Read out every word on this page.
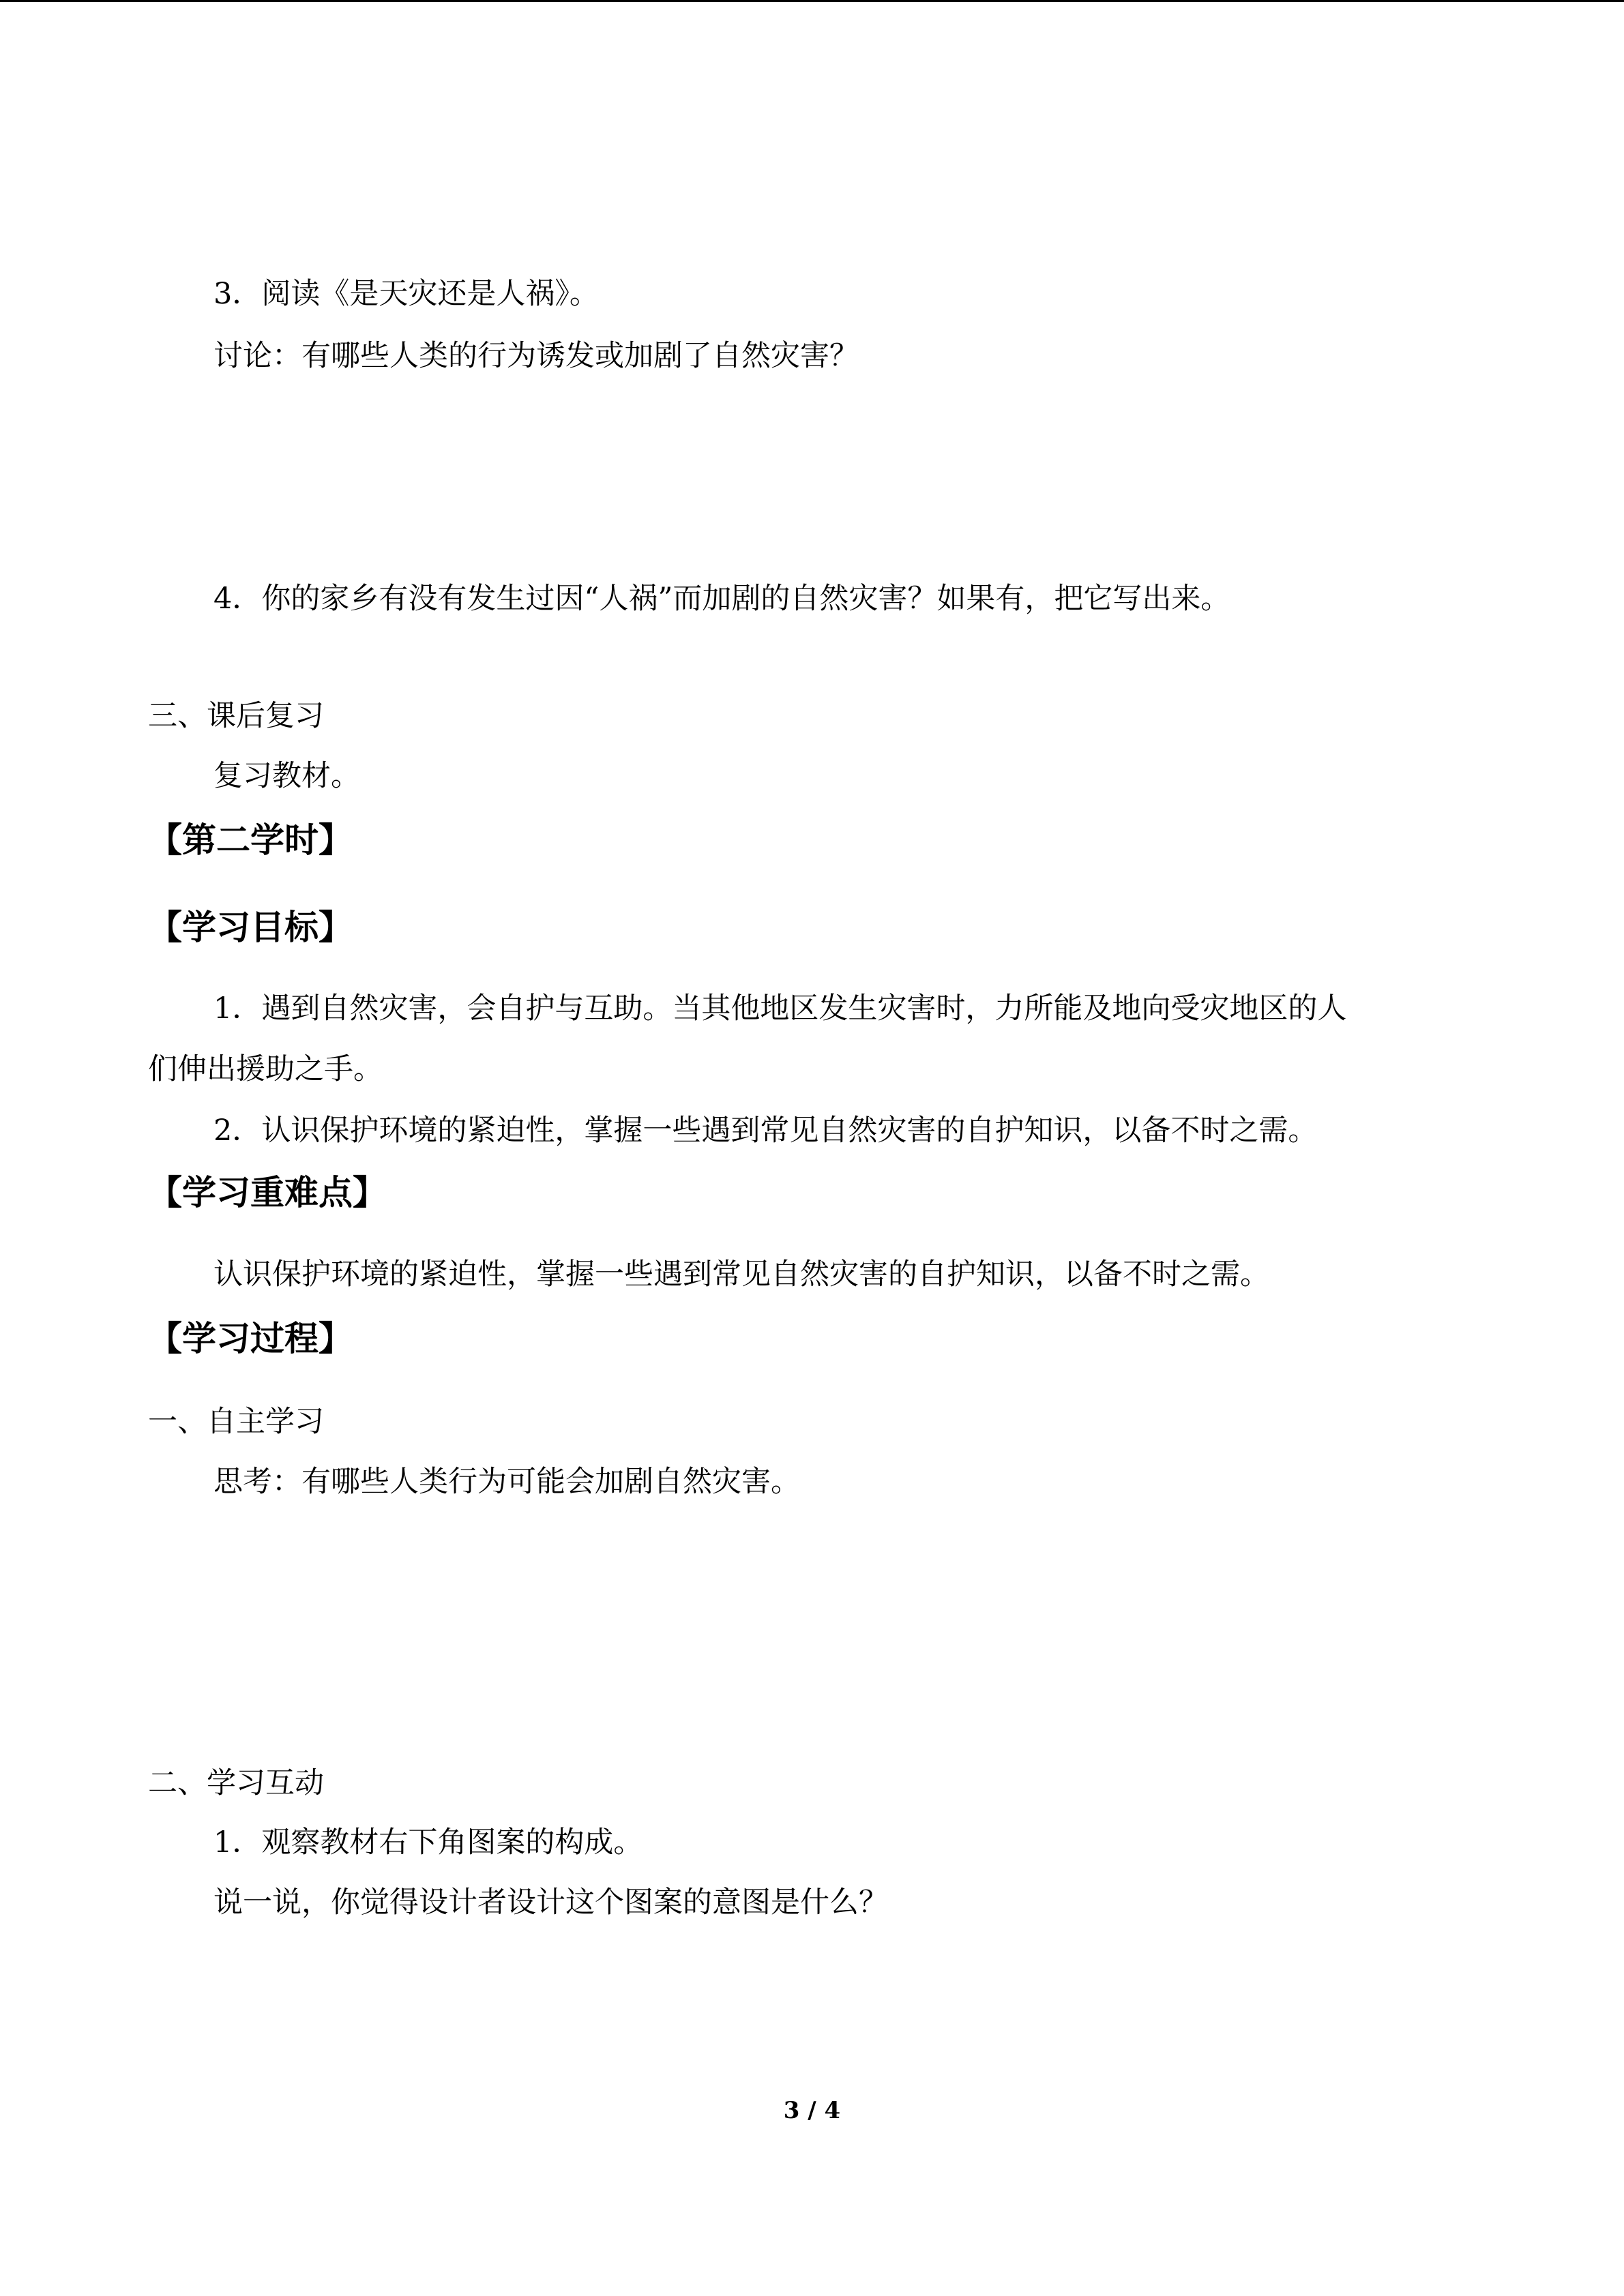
3．阅读《是天灾还是人祸》。
讨论：有哪些人类的行为诱发或加剧了自然灾害？
4．你的家乡有没有发生过因“人祸”而加剧的自然灾害？如果有，把它写出来。
三、课后复习
复习教材。
【第二学时】
【学习目标】
1．遇到自然灾害，会自护与互助。当其他地区发生灾害时，力所能及地向受灾地区的人
们伸出援助之手。
2．认识保护环境的紧迫性，掌握一些遇到常见自然灾害的自护知识，以备不时之需。
【学习重难点】
认识保护环境的紧迫性，掌握一些遇到常见自然灾害的自护知识，以备不时之需。
【学习过程】
一、自主学习
思考：有哪些人类行为可能会加剧自然灾害。
二、学习互动
1．观察教材右下角图案的构成。
说一说，你觉得设计者设计这个图案的意图是什么？
3 / 4
